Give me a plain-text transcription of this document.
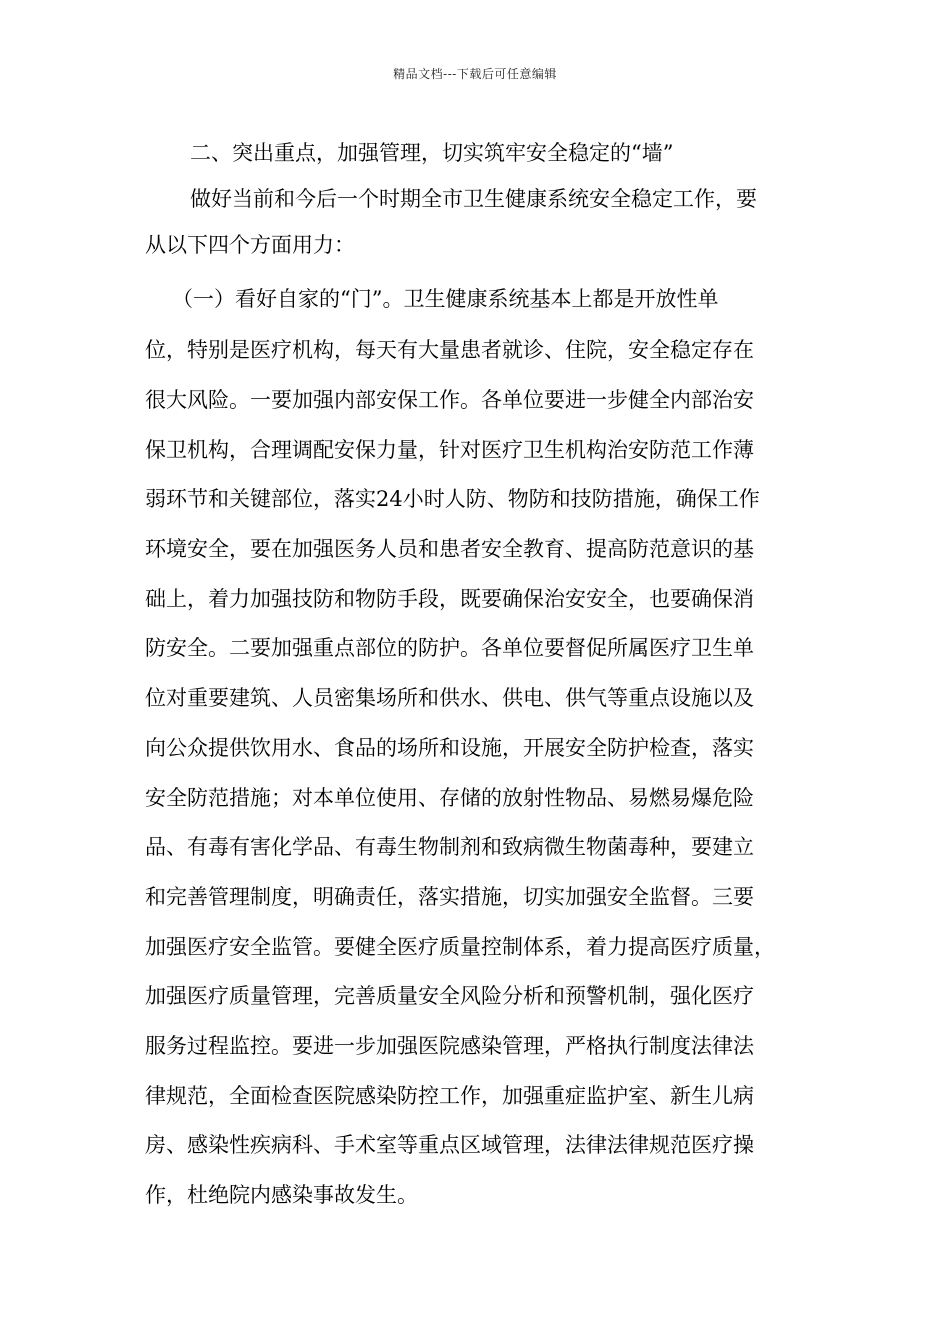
精品文档---下载后可任意编辑
二、突出重点，加强管理，切实筑牢安全稳定的“墙”
做好当前和今后一个时期全市卫生健康系统安全稳定工作，要
从以下四个方面用力：
（一）看好自家的“门”。卫生健康系统基本上都是开放性单
位，特别是医疗机构，每天有大量患者就诊、住院，安全稳定存在
很大风险。一要加强内部安保工作。各单位要进一步健全内部治安
保卫机构，合理调配安保力量，针对医疗卫生机构治安防范工作薄
弱环节和关键部位，落实24小时人防、物防和技防措施，确保工作
环境安全，要在加强医务人员和患者安全教育、提高防范意识的基
础上，着力加强技防和物防手段，既要确保治安安全，也要确保消
防安全。二要加强重点部位的防护。各单位要督促所属医疗卫生单
位对重要建筑、人员密集场所和供水、供电、供气等重点设施以及
向公众提供饮用水、食品的场所和设施，开展安全防护检查，落实
安全防范措施；对本单位使用、存储的放射性物品、易燃易爆危险
品、有毒有害化学品、有毒生物制剂和致病微生物菌毒种，要建立
和完善管理制度，明确责任，落实措施，切实加强安全监督。三要
加强医疗安全监管。要健全医疗质量控制体系，着力提高医疗质量，
加强医疗质量管理，完善质量安全风险分析和预警机制，强化医疗
服务过程监控。要进一步加强医院感染管理，严格执行制度法律法
律规范，全面检查医院感染防控工作，加强重症监护室、新生儿病
房、感染性疾病科、手术室等重点区域管理，法律法律规范医疗操
作，杜绝院内感染事故发生。
